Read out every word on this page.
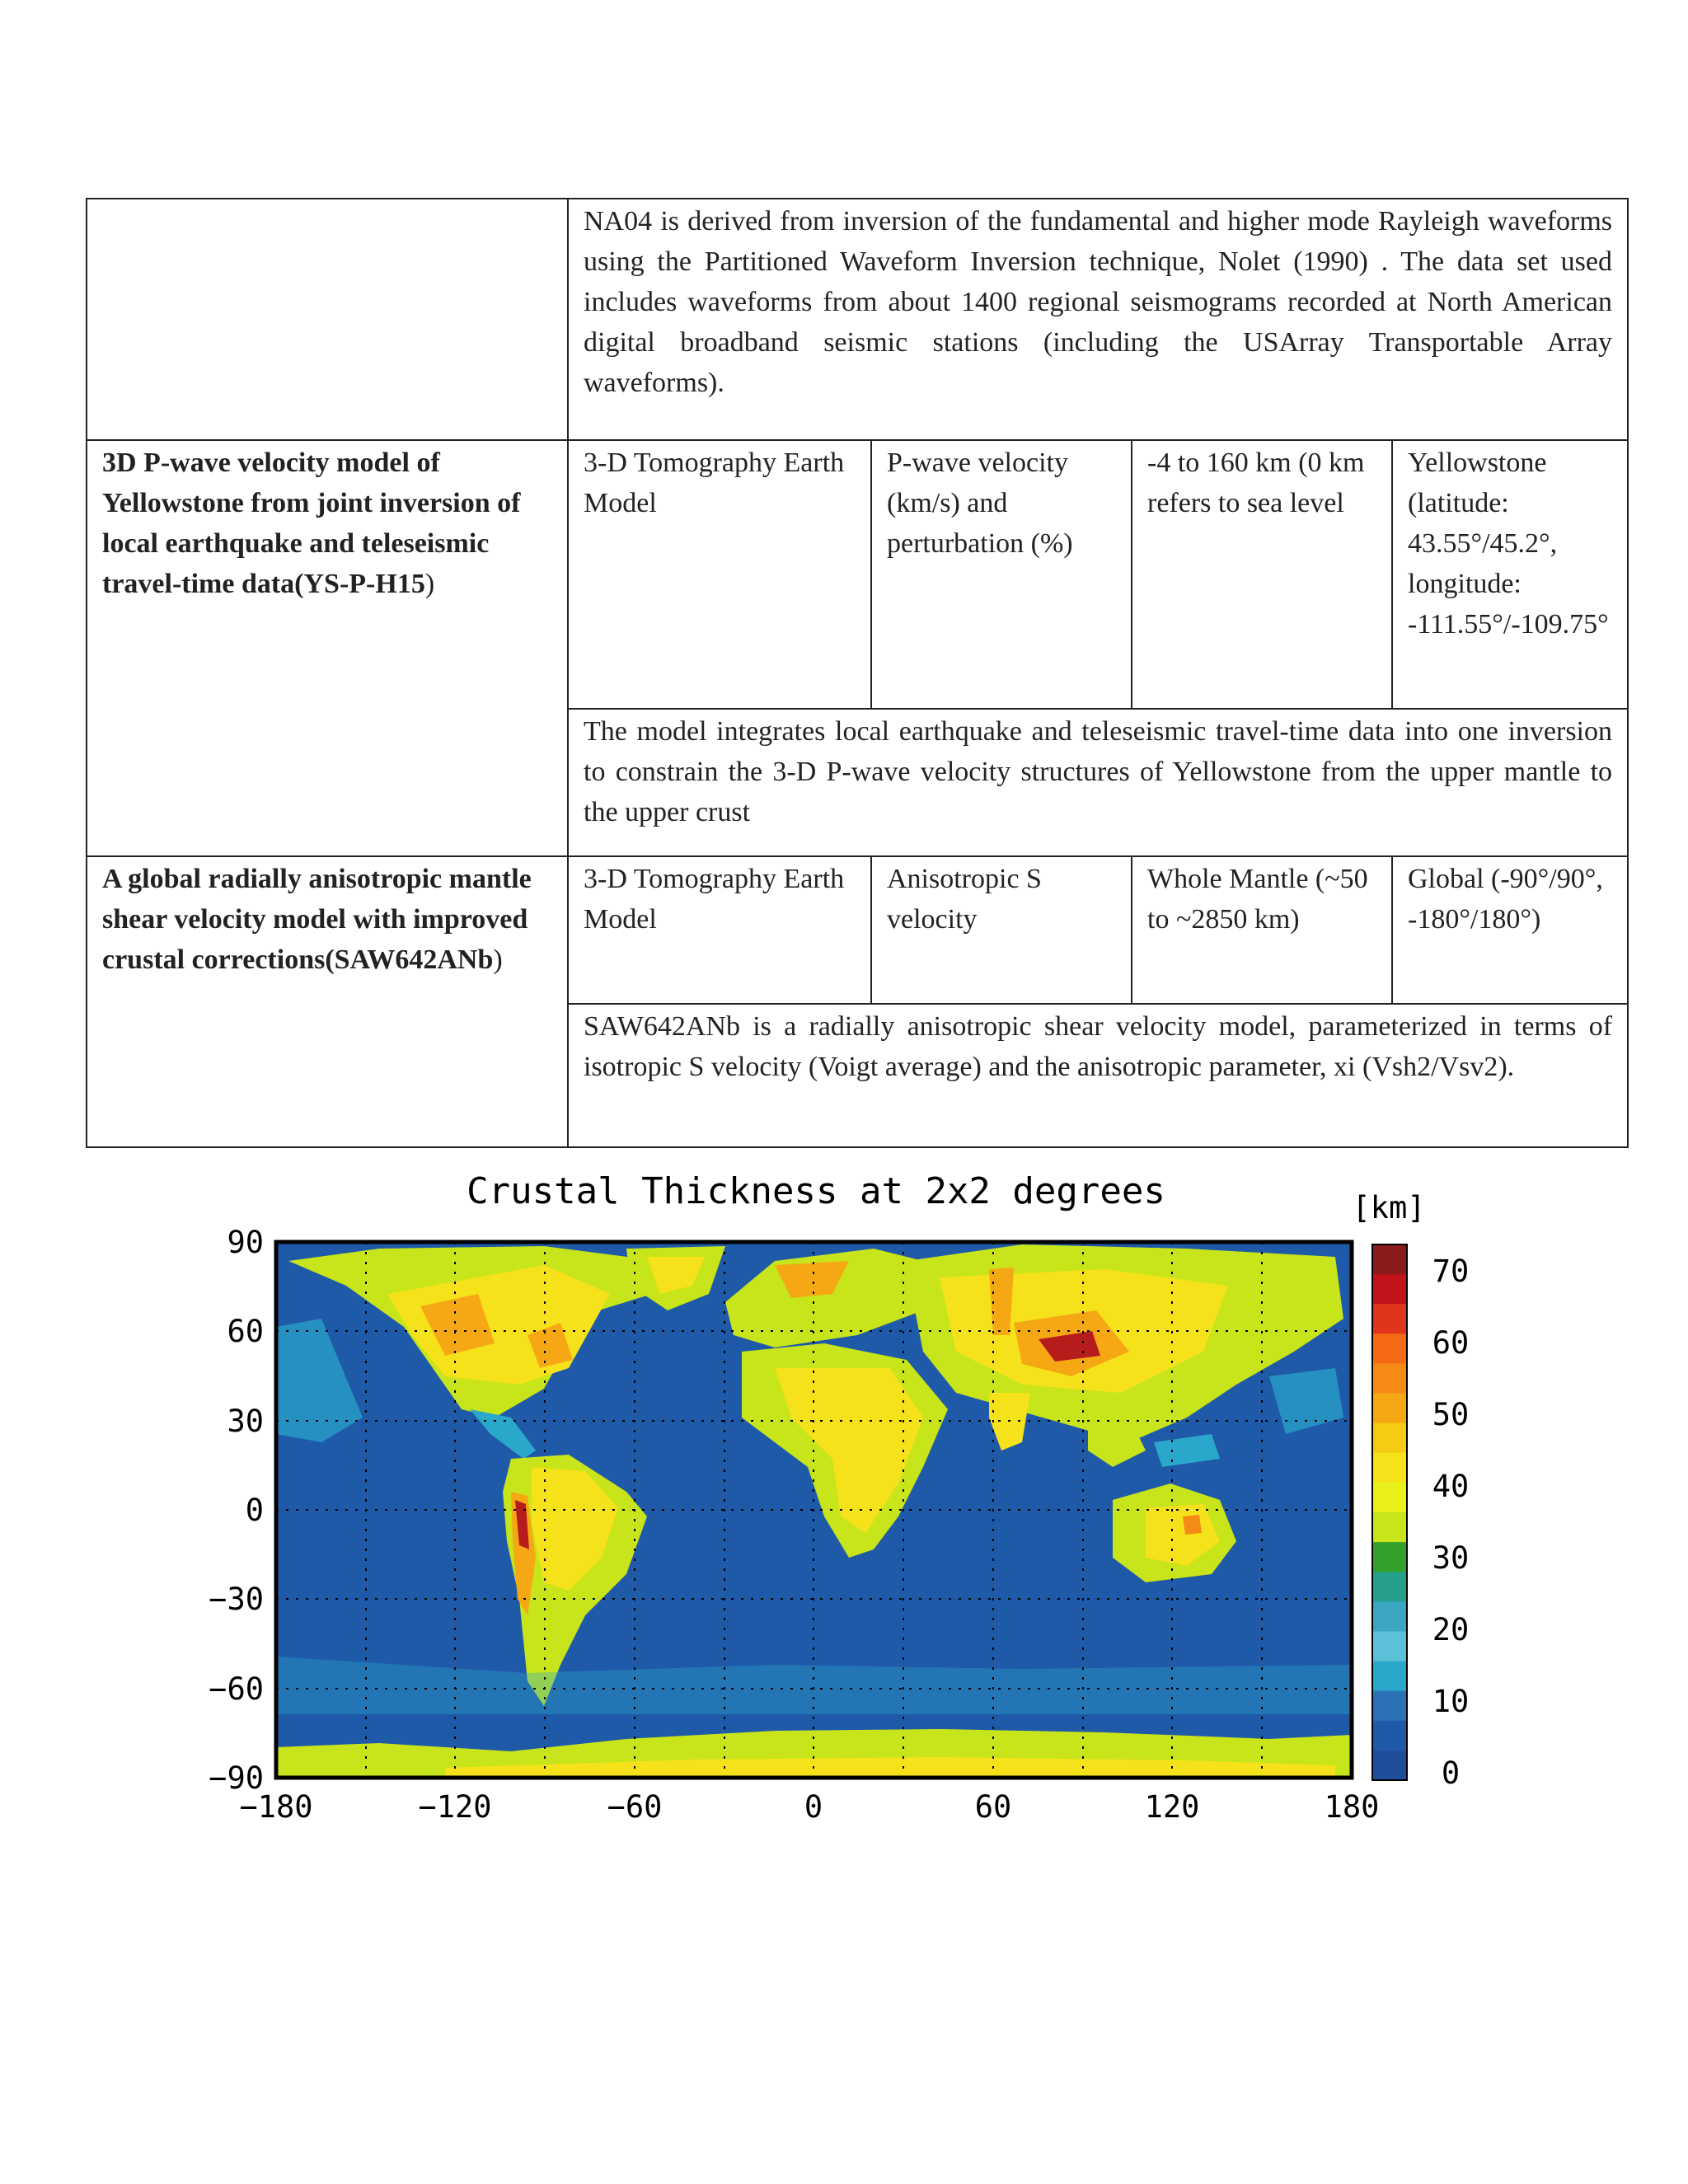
	NA04 is derived from inversion of the fundamental and higher mode Rayleigh waveforms using the Partitioned Waveform Inversion technique, Nolet (1990) . The data set used includes waveforms from about 1400 regional seismograms recorded at North American digital broadband seismic stations (including the USArray Transportable Array waveforms).			
3D P-wave velocity model of Yellowstone from joint inversion of local earthquake and teleseismic travel-time data(YS-P-H15)	3-D Tomography Earth Model	P-wave velocity (km/s) and perturbation (%)	-4 to 160 km (0 km refers to sea level	Yellowstone (latitude: 43.55°/45.2°, longitude: -111.55°/-109.75°
	The model integrates local earthquake and teleseismic travel-time data into one inversion to constrain the 3-D P-wave velocity structures of Yellowstone from the upper mantle to the upper crust			
A global radially anisotropic mantle shear velocity model with improved crustal corrections(SAW642ANb)	3-D Tomography Earth Model	Anisotropic S velocity	Whole Mantle (~50 to ~2850 km)	Global (-90°/90°, -180°/180°)
	SAW642ANb is a radially anisotropic shear velocity model, parameterized in terms of isotropic S velocity (Voigt average) and the anisotropic parameter, xi (Vsh2/Vsv2).			
Crustal Thickness at 2x2 degrees
90
60
30
0
−30
−60
−90
−180	−120	−60	0	60	120	180
[km]
70
60
50
40
30
20
10
0
